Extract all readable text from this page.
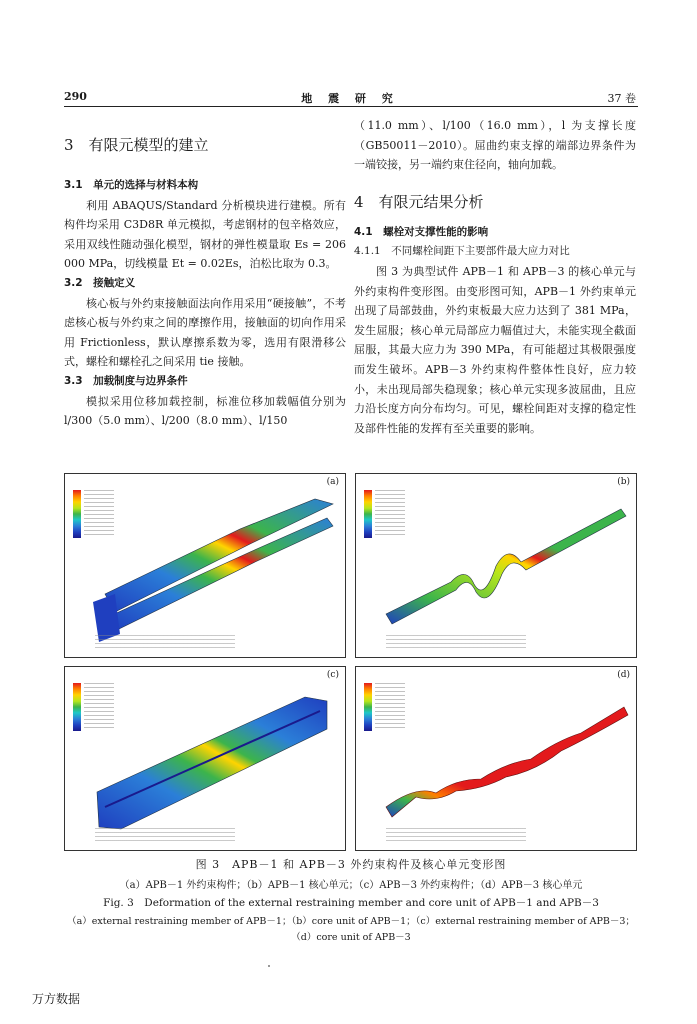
290	地 震 研 究	37 卷

3　有限元模型的建立

3.1　单元的选择与材料本构

利用 ABAQUS/Standard 分析模块进行建模。所有构件均采用 C3D8R 单元模拟，考虑钢材的包辛格效应，采用双线性随动强化模型，钢材的弹性模量取 Es = 206 000 MPa，切线模量 Et = 0.02Es，泊松比取为 0.3。

3.2　接触定义

核心板与外约束接触面法向作用采用“硬接触”，不考虑核心板与外约束之间的摩擦作用，接触面的切向作用采用 Frictionless，默认摩擦系数为零，选用有限滑移公式，螺栓和螺栓孔之间采用 tie 接触。

3.3　加载制度与边界条件

模拟采用位移加载控制，标准位移加载幅值分别为 l/300（5.0 mm）、l/200（8.0 mm）、l/150

（11.0 mm）、l/100（16.0 mm），l 为支撑长度（GB50011－2010）。屈曲约束支撑的端部边界条件为一端铰接，另一端约束住径向，轴向加载。

4　有限元结果分析

4.1　螺栓对支撑性能的影响

4.1.1　不同螺栓间距下主要部件最大应力对比

图 3 为典型试件 APB－1 和 APB－3 的核心单元与外约束构件变形图。由变形图可知，APB－1 外约束单元出现了局部鼓曲，外约束板最大应力达到了 381 MPa，发生屈服；核心单元局部应力幅值过大，未能实现全截面屈服，其最大应力为 390 MPa，有可能超过其极限强度而发生破坏。APB－3 外约束构件整体性良好，应力较小，未出现局部失稳现象；核心单元实现多波屈曲，且应力沿长度方向分布均匀。可见，螺栓间距对支撑的稳定性及部件性能的发挥有至关重要的影响。

(a)	(b)
(c)	(d)
图 3　APB－1 和 APB－3 外约束构件及核心单元变形图
（a）APB－1 外约束构件；（b）APB－1 核心单元；（c）APB－3 外约束构件；（d）APB－3 核心单元
Fig. 3　Deformation of the external restraining member and core unit of APB－1 and APB－3
（a）external restraining member of APB－1；（b）core unit of APB－1；（c）external restraining member of APB－3；（d）core unit of APB－3
万方数据
